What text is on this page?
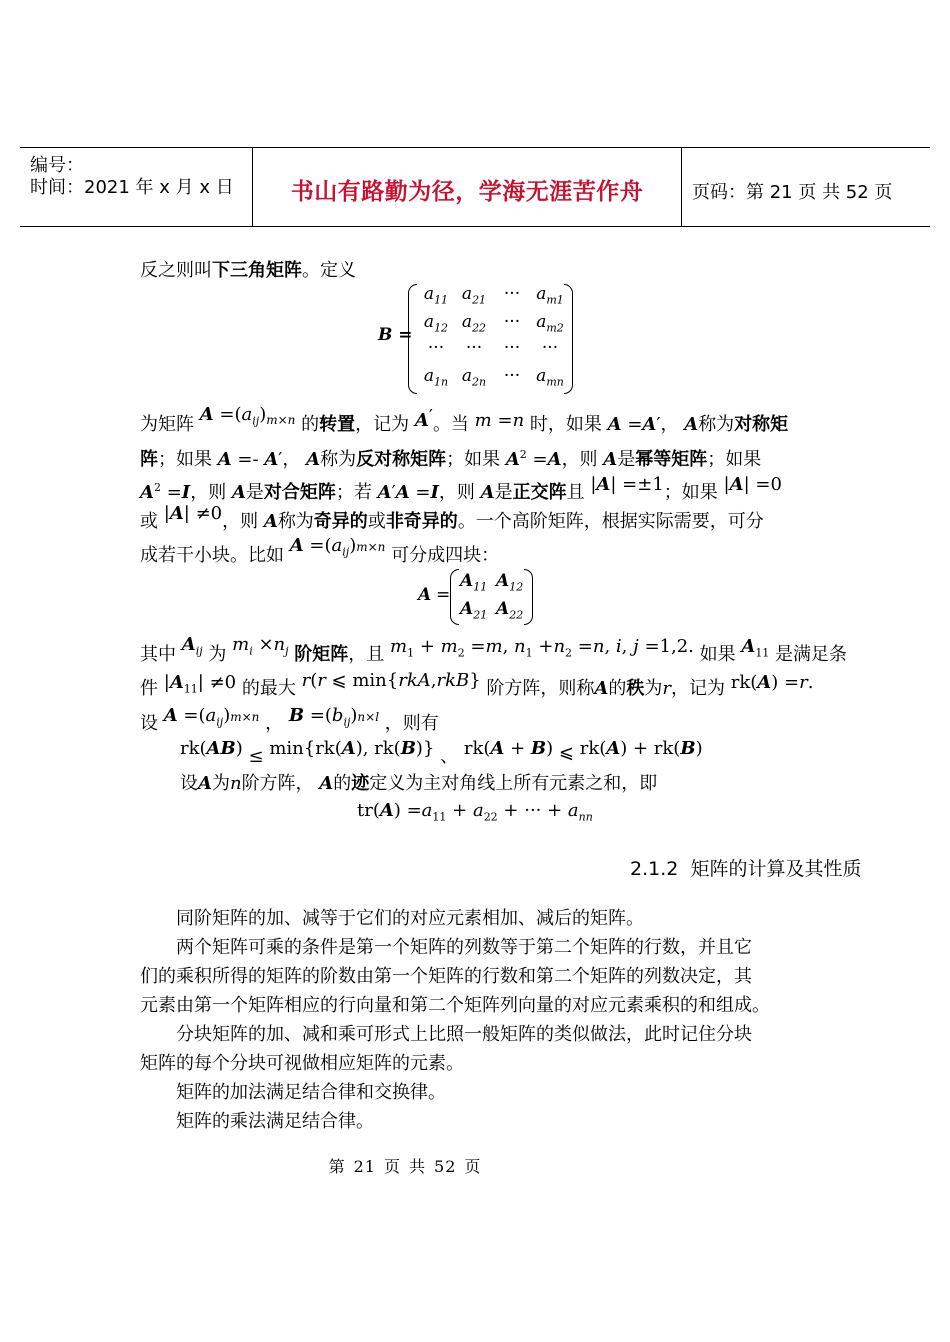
编号：
时间：2021 年 x 月 x 日	书山有路勤为径，学海无涯苦作舟	页码：第 21 页 共 52 页
反之则叫下三角矩阵。定义
B =
$a_{11}$ $a_{21}$	··· $a_{m1}$
$a_{12}$ $a_{22}$	··· $a_{m2}$
···	···	···	···
$a_{1n}$ $a_{2n}$	··· $a_{mn}$
为矩阵 $A =(a_{ij})^{m\times n}$ 的转置，记为 A′。当 m =n 时，如果 A =A′， A称为对称矩
阵；如果 A =- A′， A称为反对称矩阵；如果 $A^2 =A$，则 A是幂等矩阵；如果
$A^2 =I$，则 A是对合矩阵；若 A′A =I，则 A是正交阵且 |A| =±1；如果 |A| =0
或 |A| ≠0，则 A称为奇异的或非奇异的。一个高阶矩阵，根据实际需要，可分
成若干小块。比如 $A =(a_{ij})m\times n$ 可分成四块：
A =
$A_{11}$ $A_{12}$
$A_{21}$ $A_{22}$
其中 $A_{ij}$ 为 $m_i \times n_j$ 阶矩阵，且 $m_1 + m_2 =m$, $n_1 +n_2 =n$, i, j =1,2. 如果 $A_{11}$ 是满足条
件 $|A_{11}| \ne 0$ 的最大 r(r ⩽ min{rkA,rkB} 阶方阵，则称A的秩为r，记为 rk(A) =r.
设 $A =(a_{ij})m\times n$ ， $B =(b_{ij})n\times l$ ，则有
rk(AB) ≤ min{rk(A), rk(B)} 、 rk(A + B) ⩽ rk(A) + rk(B)
设A为n阶方阵， A的迹定义为主对角线上所有元素之和，即
$tr(A) =a_{11} + a_{22}$ + ··· + $a_{nn}$
2.1.2 矩阵的计算及其性质
同阶矩阵的加、减等于它们的对应元素相加、减后的矩阵。
两个矩阵可乘的条件是第一个矩阵的列数等于第二个矩阵的行数，并且它
们的乘积所得的矩阵的阶数由第一个矩阵的行数和第二个矩阵的列数决定，其
元素由第一个矩阵相应的行向量和第二个矩阵列向量的对应元素乘积的和组成。
分块矩阵的加、减和乘可形式上比照一般矩阵的类似做法，此时记住分块
矩阵的每个分块可视做相应矩阵的元素。
矩阵的加法满足结合律和交换律。
矩阵的乘法满足结合律。
第 21 页 共 52 页
